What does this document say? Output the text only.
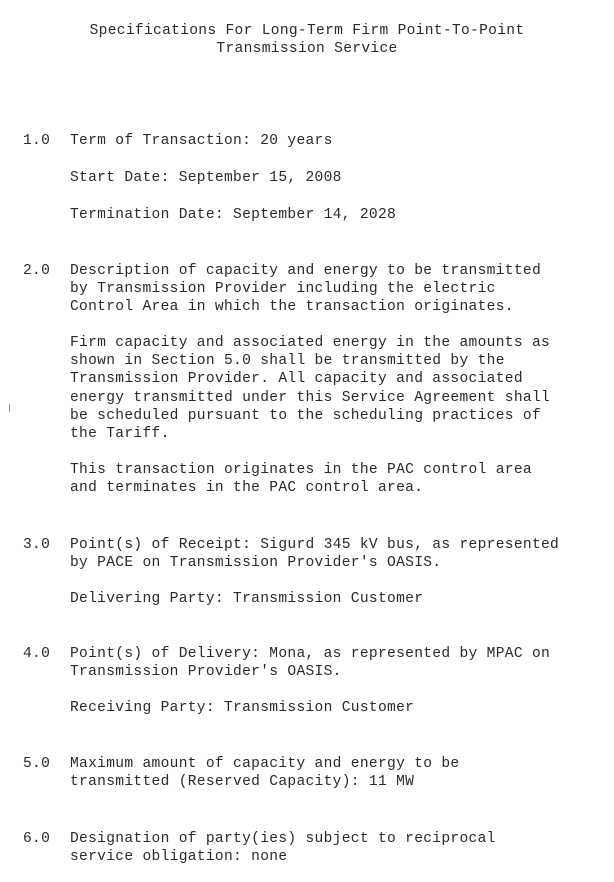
Specifications For Long-Term Firm Point-To-Point
Transmission Service
1.0 Term of Transaction: 20 years
Start Date: September 15, 2008
Termination Date: September 14, 2028
2.0 Description of capacity and energy to be transmitted
by Transmission Provider including the electric
Control Area in which the transaction originates.
Firm capacity and associated energy in the amounts as
shown in Section 5.0 shall be transmitted by the
Transmission Provider. All capacity and associated
energy transmitted under this Service Agreement shall
be scheduled pursuant to the scheduling practices of
the Tariff.
This transaction originates in the PAC control area
and terminates in the PAC control area.
3.0 Point(s) of Receipt: Sigurd 345 kV bus, as represented
by PACE on Transmission Provider's OASIS.
Delivering Party: Transmission Customer
4.0 Point(s) of Delivery: Mona, as represented by MPAC on
Transmission Provider's OASIS.
Receiving Party: Transmission Customer
5.0 Maximum amount of capacity and energy to be
transmitted (Reserved Capacity): 11 MW
6.0 Designation of party(ies) subject to reciprocal
service obligation: none
